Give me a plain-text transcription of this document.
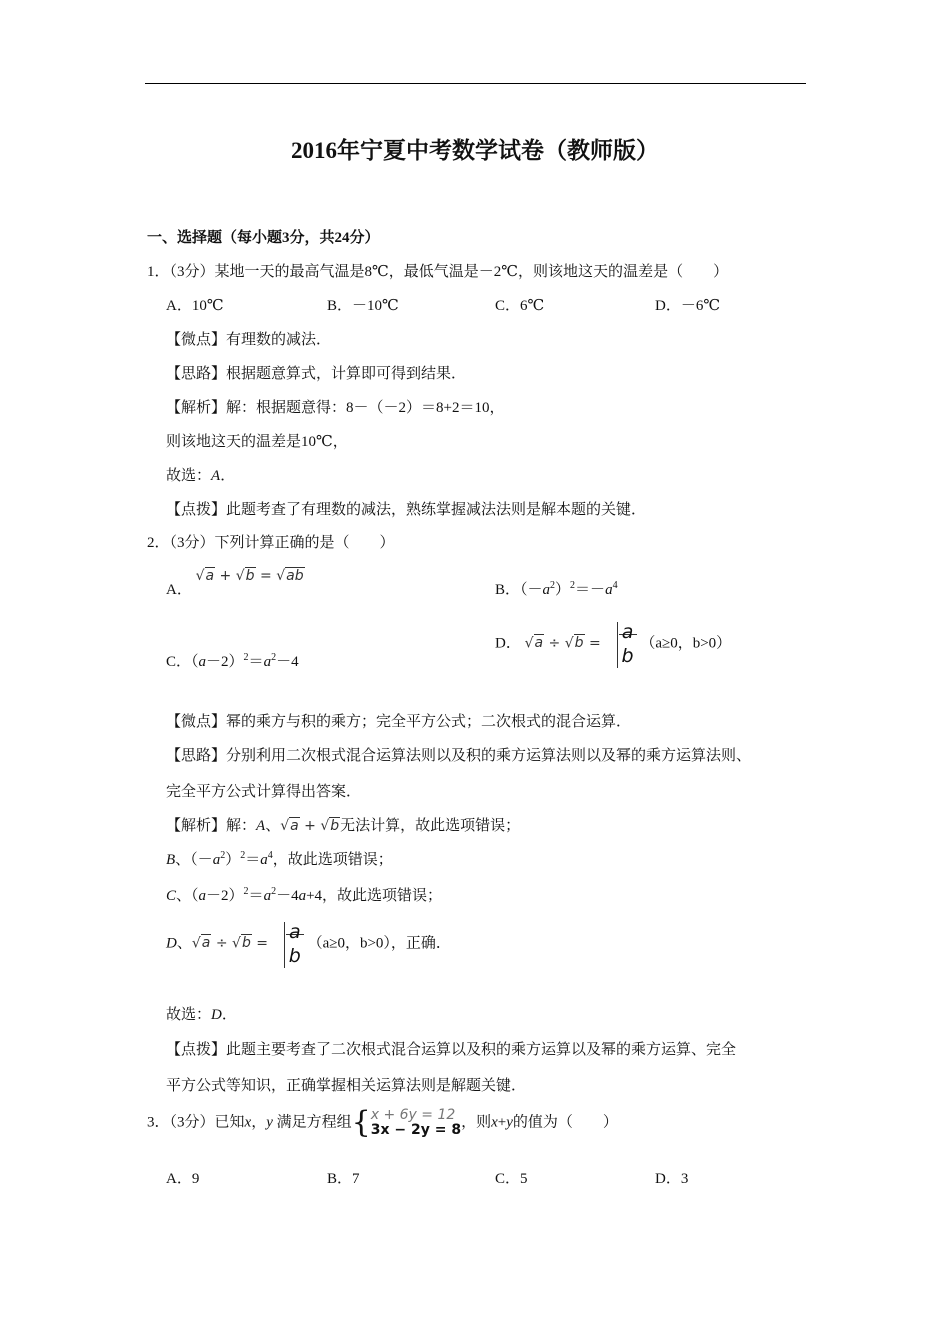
2016年宁夏中考数学试卷（教师版）
一、选择题（每小题3分，共24分）
1．（3分）某地一天的最高气温是8℃，最低气温是－2℃，则该地这天的温差是（　　）
A．10℃	B．－10℃	C．6℃	D．－6℃
【微点】有理数的减法．
【思路】根据题意算式，计算即可得到结果．
【解析】解：根据题意得：8－（－2）＝8+2＝10，
则该地这天的温差是10℃，
故选：A．
【点拨】此题考查了有理数的减法，熟练掌握减法法则是解本题的关键．
2．（3分）下列计算正确的是（　　）
A． √a + √b = √ab
B．$(-a^2)^2=-a^4$
C．$(a-2)^2=a^2-4$
D． √a ÷ √b =
a
b
（a≥0，b>0）
【微点】幂的乘方与积的乘方；完全平方公式；二次根式的混合运算．
【思路】分别利用二次根式混合运算法则以及积的乘方运算法则以及幂的乘方运算法则、
完全平方公式计算得出答案．
【解析】解：A、√a + √b无法计算，故此选项错误；
B、$(-a^2)^2=a^4$，故此选项错误；
C、$(a-2)^2=a^2-4a+4$，故此选项错误；
D、√a ÷ √b =
a
b
（a≥0，b>0），正确．
故选：D．
【点拨】此题主要考查了二次根式混合运算以及积的乘方运算以及幂的乘方运算、完全
平方公式等知识，正确掌握相关运算法则是解题关键．
3．（3分）已知x，y 满足方程组{x + 6y = 12
3x − 2y = 8，则x+y的值为（　　）
A．9	B．7	C．5	D．3
